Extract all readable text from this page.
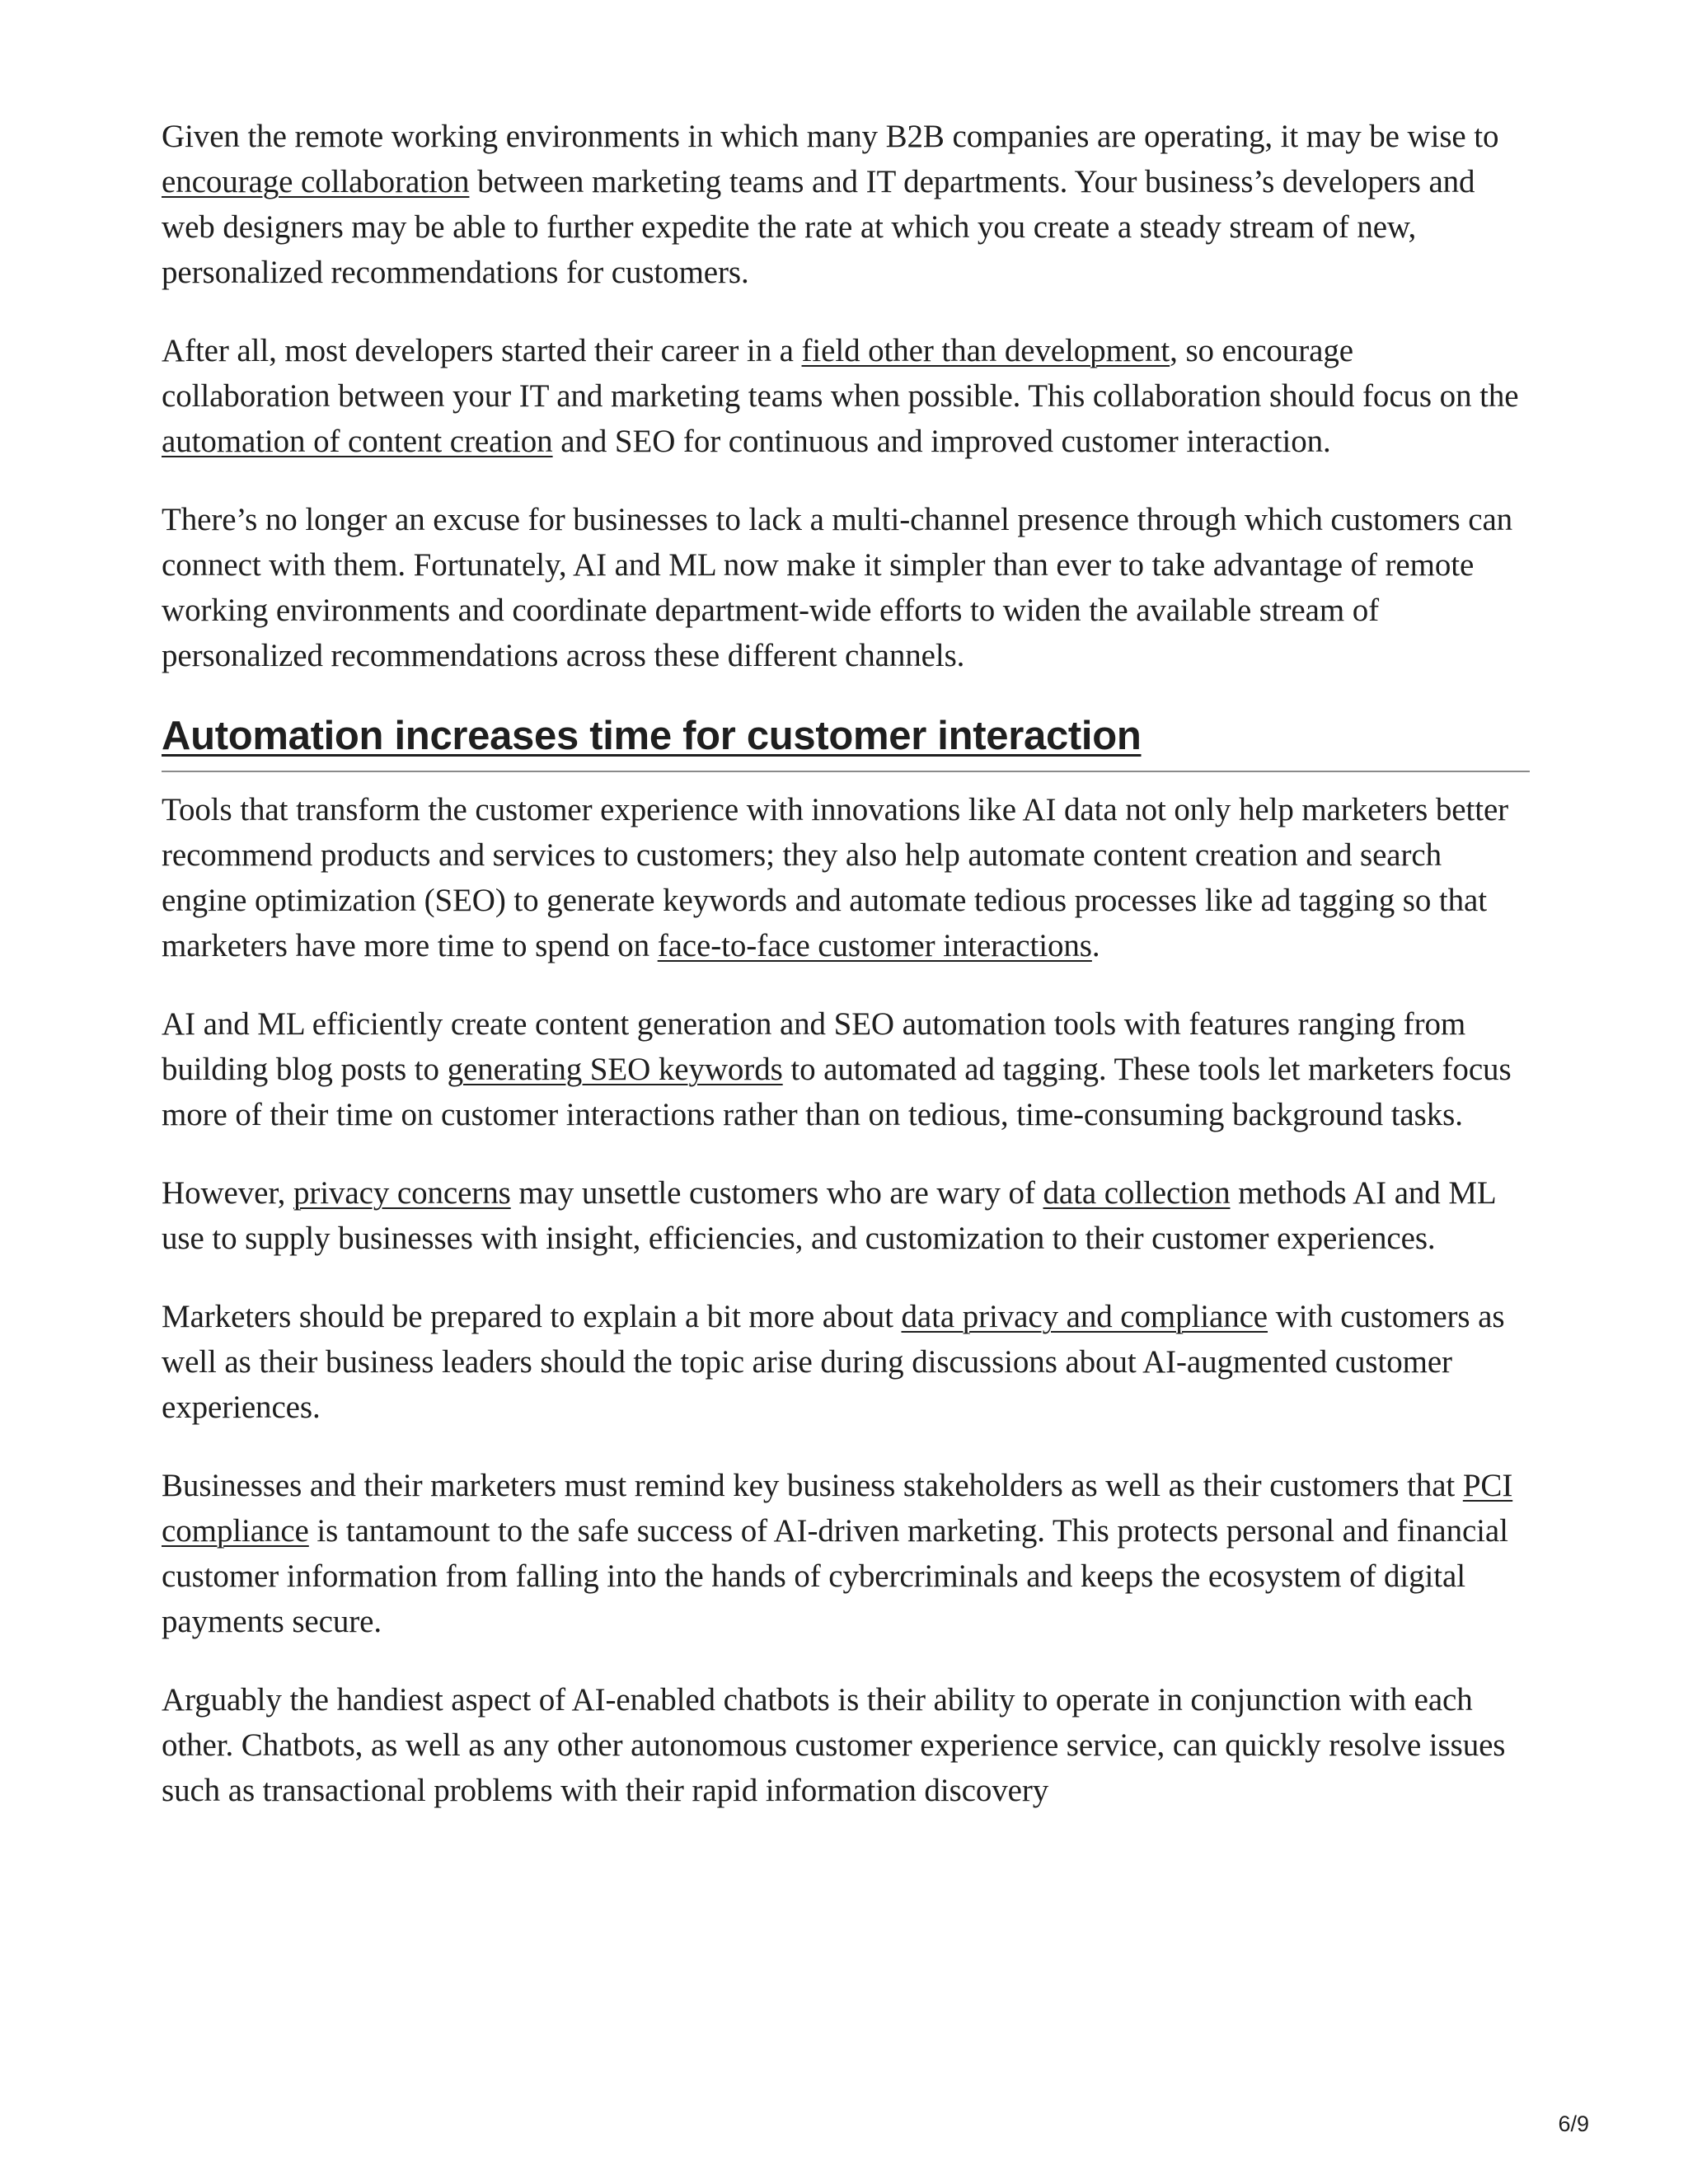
Given the remote working environments in which many B2B companies are operating, it may be wise to encourage collaboration between marketing teams and IT departments. Your business’s developers and web designers may be able to further expedite the rate at which you create a steady stream of new, personalized recommendations for customers.

After all, most developers started their career in a field other than development, so encourage collaboration between your IT and marketing teams when possible. This collaboration should focus on the automation of content creation and SEO for continuous and improved customer interaction.

There’s no longer an excuse for businesses to lack a multi-channel presence through which customers can connect with them. Fortunately, AI and ML now make it simpler than ever to take advantage of remote working environments and coordinate department-wide efforts to widen the available stream of personalized recommendations across these different channels.

Automation increases time for customer interaction

Tools that transform the customer experience with innovations like AI data not only help marketers better recommend products and services to customers; they also help automate content creation and search engine optimization (SEO) to generate keywords and automate tedious processes like ad tagging so that marketers have more time to spend on face-to-face customer interactions.

AI and ML efficiently create content generation and SEO automation tools with features ranging from building blog posts to generating SEO keywords to automated ad tagging. These tools let marketers focus more of their time on customer interactions rather than on tedious, time-consuming background tasks.

However, privacy concerns may unsettle customers who are wary of data collection methods AI and ML use to supply businesses with insight, efficiencies, and customization to their customer experiences.

Marketers should be prepared to explain a bit more about data privacy and compliance with customers as well as their business leaders should the topic arise during discussions about AI-augmented customer experiences.

Businesses and their marketers must remind key business stakeholders as well as their customers that PCI compliance is tantamount to the safe success of AI-driven marketing. This protects personal and financial customer information from falling into the hands of cybercriminals and keeps the ecosystem of digital payments secure.

Arguably the handiest aspect of AI-enabled chatbots is their ability to operate in conjunction with each other. Chatbots, as well as any other autonomous customer experience service, can quickly resolve issues such as transactional problems with their rapid information discovery

6/9
